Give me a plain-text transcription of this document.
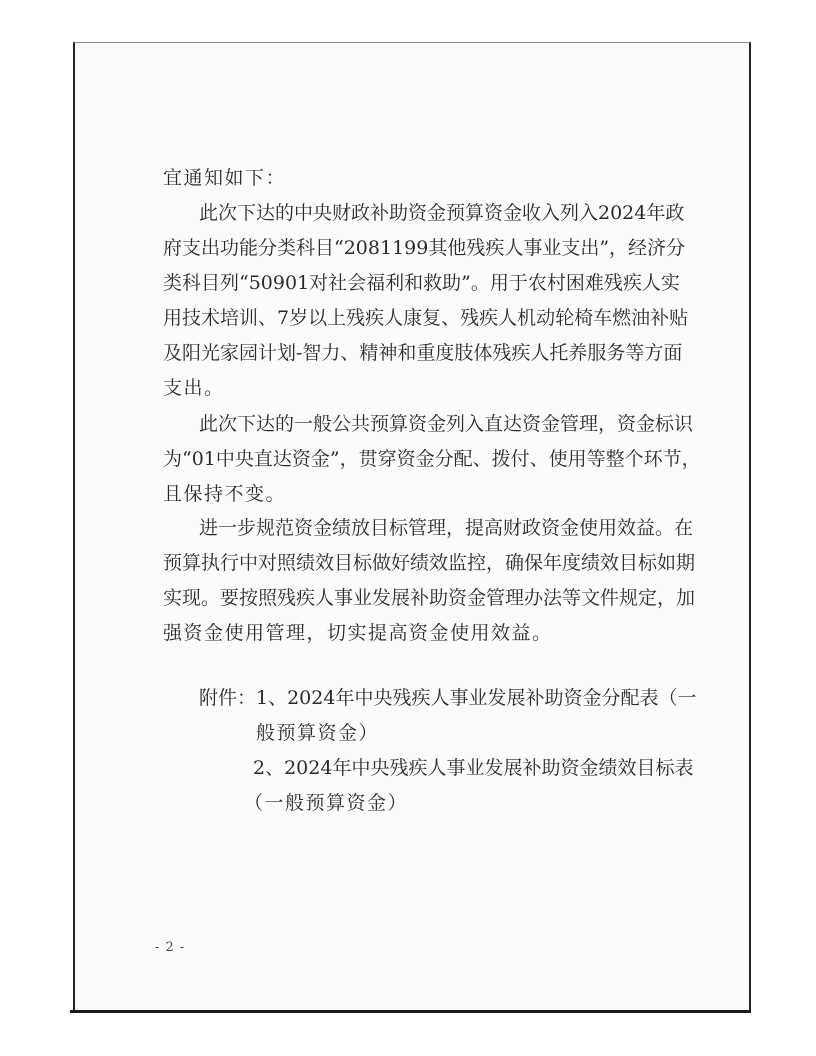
宜通知如下：
此次下达的中央财政补助资金预算资金收入列入2024年政
府支出功能分类科目“2081199其他残疾人事业支出”，经济分
类科目列“50901对社会福利和救助”。用于农村困难残疾人实
用技术培训、7岁以上残疾人康复、残疾人机动轮椅车燃油补贴
及阳光家园计划-智力、精神和重度肢体残疾人托养服务等方面
支出。
此次下达的一般公共预算资金列入直达资金管理，资金标识
为“01中央直达资金”，贯穿资金分配、拨付、使用等整个环节，
且保持不变。
进一步规范资金绩放目标管理，提高财政资金使用效益。在
预算执行中对照绩效目标做好绩效监控，确保年度绩效目标如期
实现。要按照残疾人事业发展补助资金管理办法等文件规定，加
强资金使用管理，切实提高资金使用效益。
附件：1、2024年中央残疾人事业发展补助资金分配表（一
般预算资金）
2、2024年中央残疾人事业发展补助资金绩效目标表
（一般预算资金）
- 2 -
